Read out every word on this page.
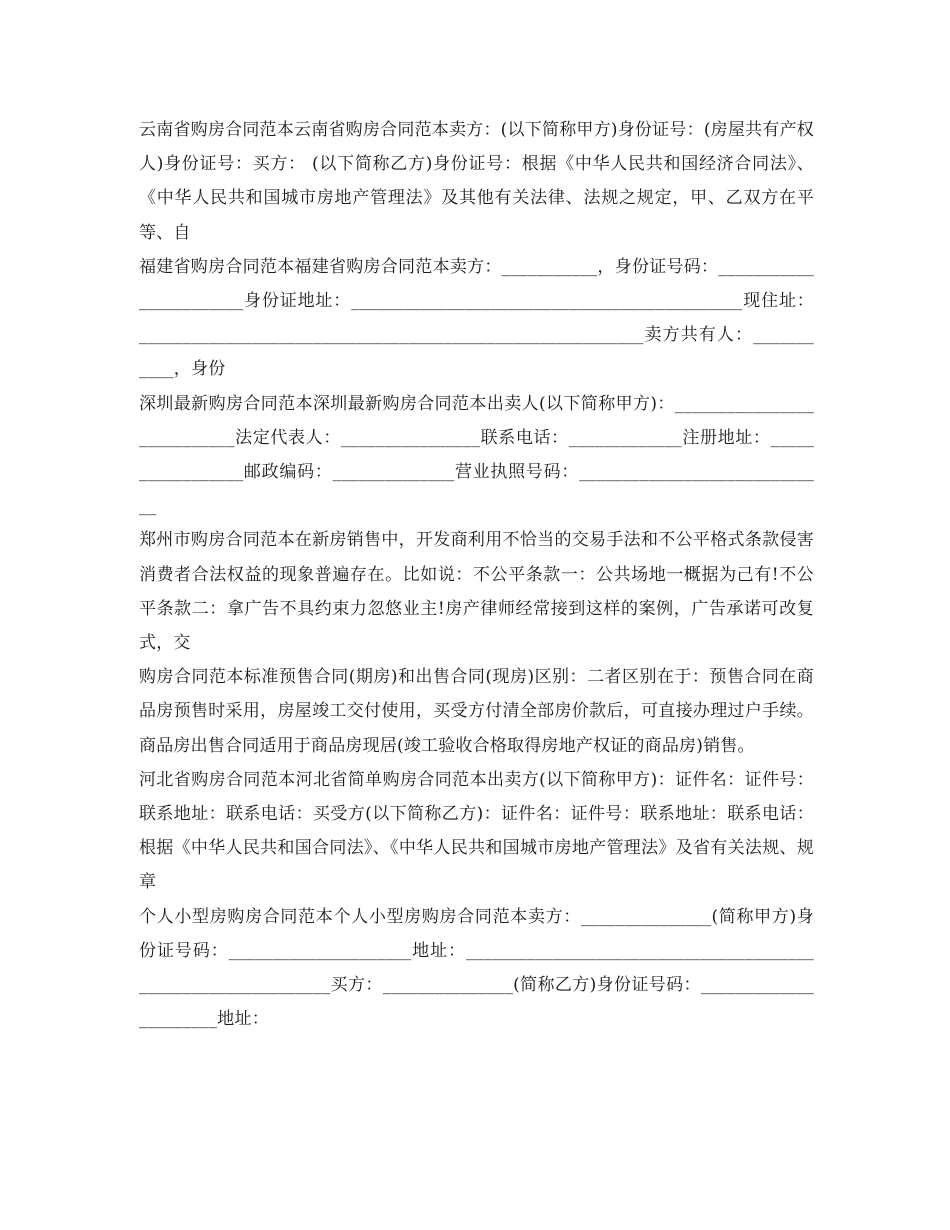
云南省购房合同范本云南省购房合同范本卖方：(以下简称甲方)身份证号：(房屋共有产权人)身份证号：买方： (以下简称乙方)身份证号：根据《中华人民共和国经济合同法》、《中华人民共和国城市房地产管理法》及其他有关法律、法规之规定，甲、乙双方在平等、自

福建省购房合同范本福建省购房合同范本卖方：___________，身份证号码：_______________________身份证地址：_____________________________________________现住址：__________________________________________________________卖方共有人：___________，身份

深圳最新购房合同范本深圳最新购房合同范本出卖人(以下简称甲方)：___________________________法定代表人：________________联系电话：_____________注册地址：_________________邮政编码：______________营业执照号码：_____________________________

郑州市购房合同范本在新房销售中，开发商利用不恰当的交易手法和不公平格式条款侵害消费者合法权益的现象普遍存在。比如说：不公平条款一：公共场地一概据为己有!不公平条款二：拿广告不具约束力忽悠业主!房产律师经常接到这样的案例，广告承诺可改复式，交

购房合同范本标准预售合同(期房)和出售合同(现房)区别：二者区别在于：预售合同在商品房预售时采用，房屋竣工交付使用，买受方付清全部房价款后，可直接办理过户手续。商品房出售合同适用于商品房现居(竣工验收合格取得房地产权证的商品房)销售。

河北省购房合同范本河北省简单购房合同范本出卖方(以下简称甲方)：证件名：证件号：联系地址：联系电话：买受方(以下简称乙方)：证件名：证件号：联系地址：联系电话：根据《中华人民共和国合同法》、《中华人民共和国城市房地产管理法》及省有关法规、规章

个人小型房购房合同范本个人小型房购房合同范本卖方：_______________(简称甲方)身份证号码：_____________________地址：______________________________________________________________买方：_______________(简称乙方)身份证号码：______________________地址：
